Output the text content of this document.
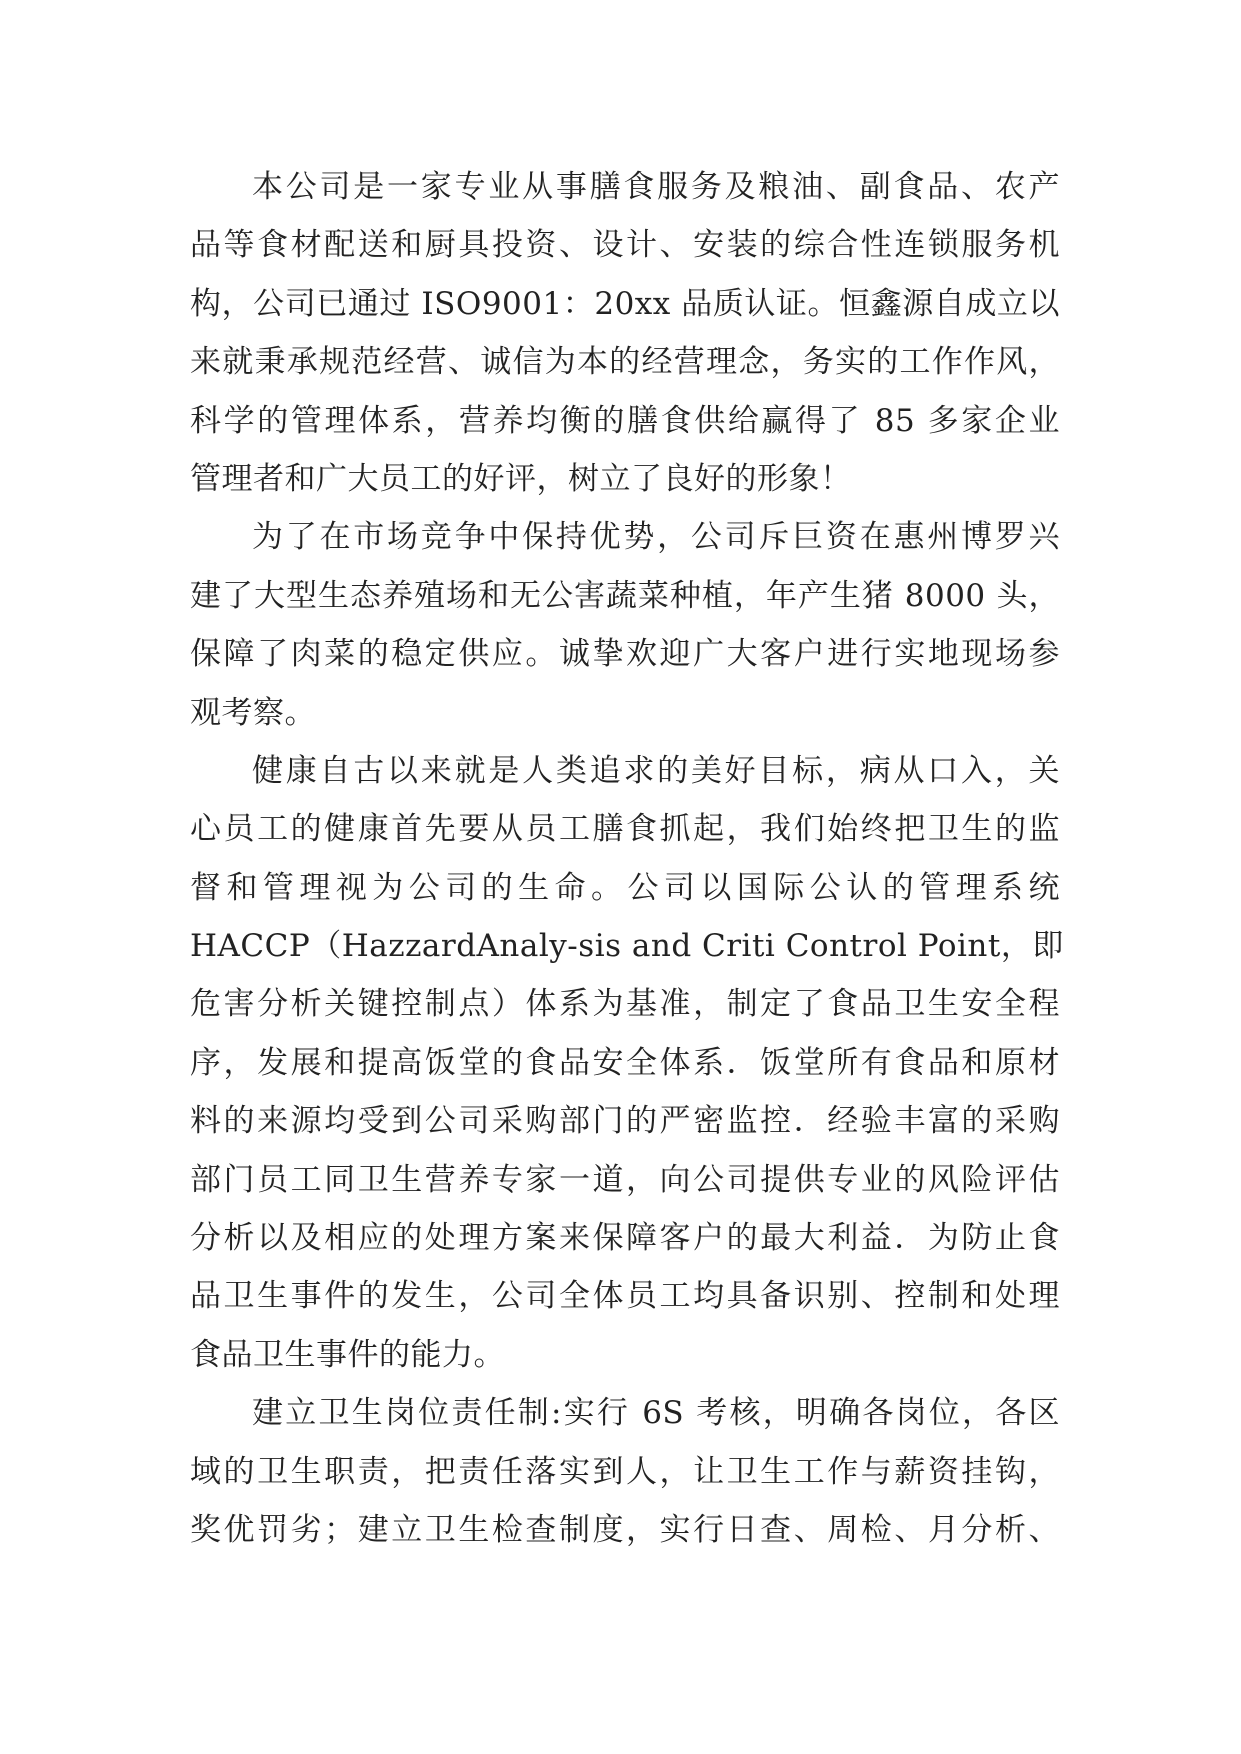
本公司是一家专业从事膳食服务及粮油、副食品、农产
品等食材配送和厨具投资、设计、安装的综合性连锁服务机
构，公司已通过 ISO9001：20xx 品质认证。恒鑫源自成立以
来就秉承规范经营、诚信为本的经营理念，务实的工作作风，
科学的管理体系，营养均衡的膳食供给赢得了 85 多家企业
管理者和广大员工的好评，树立了良好的形象！

为了在市场竞争中保持优势，公司斥巨资在惠州博罗兴
建了大型生态养殖场和无公害蔬菜种植，年产生猪 8000 头，
保障了肉菜的稳定供应。诚挚欢迎广大客户进行实地现场参
观考察。

健康自古以来就是人类追求的美好目标，病从口入，关
心员工的健康首先要从员工膳食抓起，我们始终把卫生的监
督和管理视为公司的生命。公司以国际公认的管理系统
HACCP（HazzardAnaly-sis and Criti Control Point，即
危害分析关键控制点）体系为基准，制定了食品卫生安全程
序，发展和提高饭堂的食品安全体系．饭堂所有食品和原材
料的来源均受到公司采购部门的严密监控．经验丰富的采购
部门员工同卫生营养专家一道，向公司提供专业的风险评估
分析以及相应的处理方案来保障客户的最大利益．为防止食
品卫生事件的发生，公司全体员工均具备识别、控制和处理
食品卫生事件的能力。

建立卫生岗位责任制:实行 6S 考核，明确各岗位，各区
域的卫生职责，把责任落实到人，让卫生工作与薪资挂钩，
奖优罚劣；建立卫生检查制度，实行日查、周检、月分析、
